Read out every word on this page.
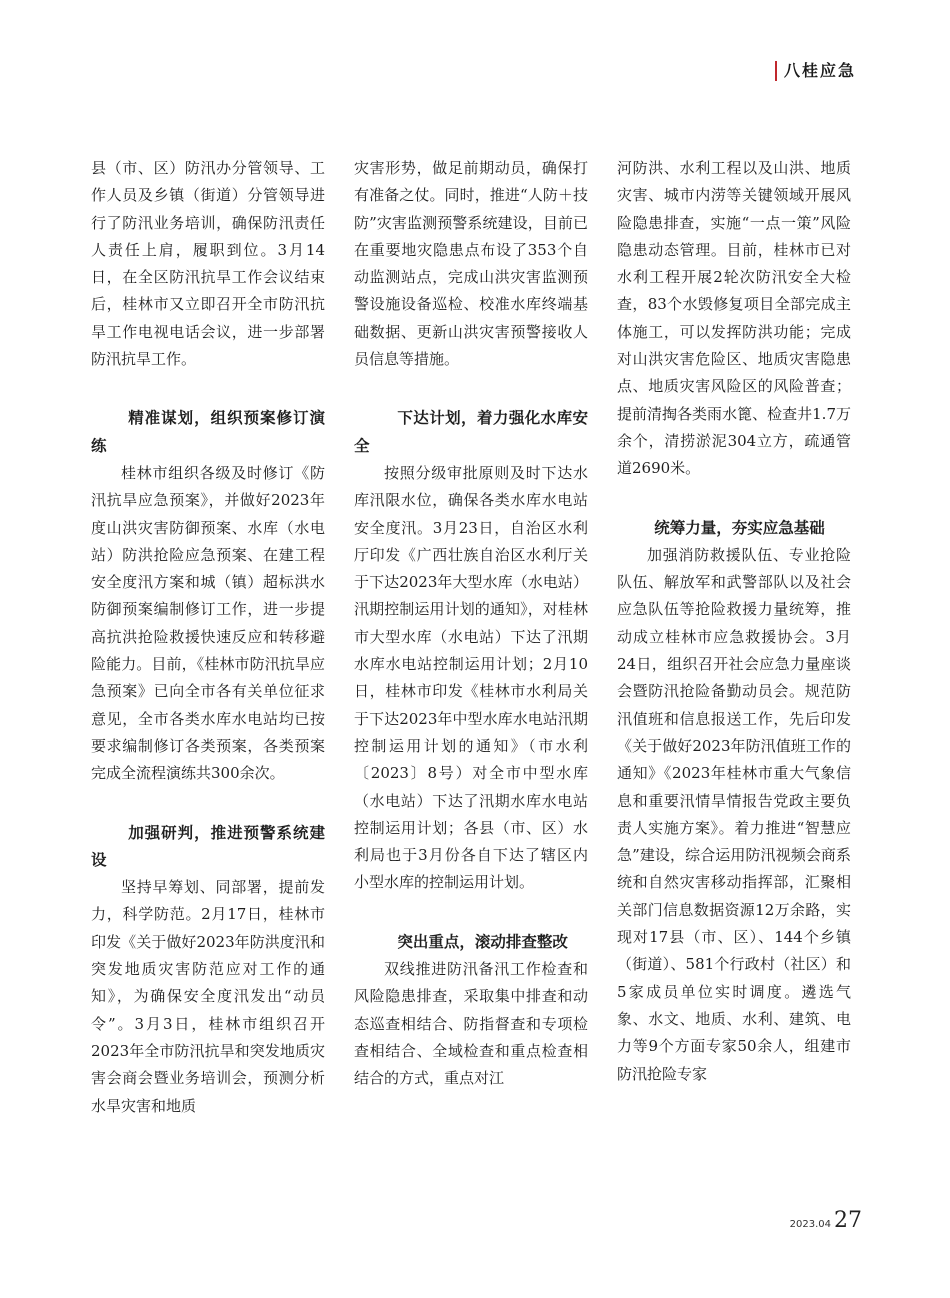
八桂应急

县（市、区）防汛办分管领导、工作人员及乡镇（街道）分管领导进行了防汛业务培训，确保防汛责任人责任上肩，履职到位。3月14日，在全区防汛抗旱工作会议结束后，桂林市又立即召开全市防汛抗旱工作电视电话会议，进一步部署防汛抗旱工作。

精准谋划，组织预案修订演练

桂林市组织各级及时修订《防汛抗旱应急预案》，并做好2023年度山洪灾害防御预案、水库（水电站）防洪抢险应急预案、在建工程安全度汛方案和城（镇）超标洪水防御预案编制修订工作，进一步提高抗洪抢险救援快速反应和转移避险能力。目前，《桂林市防汛抗旱应急预案》已向全市各有关单位征求意见，全市各类水库水电站均已按要求编制修订各类预案，各类预案完成全流程演练共300余次。

加强研判，推进预警系统建设

坚持早筹划、同部署，提前发力，科学防范。2月17日，桂林市印发《关于做好2023年防洪度汛和突发地质灾害防范应对工作的通知》，为确保安全度汛发出“动员令”。3月3日，桂林市组织召开2023年全市防汛抗旱和突发地质灾害会商会暨业务培训会，预测分析水旱灾害和地质

灾害形势，做足前期动员，确保打有准备之仗。同时，推进“人防＋技防”灾害监测预警系统建设，目前已在重要地灾隐患点布设了353个自动监测站点，完成山洪灾害监测预警设施设备巡检、校准水库终端基础数据、更新山洪灾害预警接收人员信息等措施。

下达计划，着力强化水库安全

按照分级审批原则及时下达水库汛限水位，确保各类水库水电站安全度汛。3月23日，自治区水利厅印发《广西壮族自治区水利厅关于下达2023年大型水库（水电站）汛期控制运用计划的通知》，对桂林市大型水库（水电站）下达了汛期水库水电站控制运用计划；2月10日，桂林市印发《桂林市水利局关于下达2023年中型水库水电站汛期控制运用计划的通知》（市水利〔2023〕8号）对全市中型水库（水电站）下达了汛期水库水电站控制运用计划；各县（市、区）水利局也于3月份各自下达了辖区内小型水库的控制运用计划。

突出重点，滚动排查整改

双线推进防汛备汛工作检查和风险隐患排查，采取集中排查和动态巡查相结合、防指督查和专项检查相结合、全域检查和重点检查相结合的方式，重点对江

河防洪、水利工程以及山洪、地质灾害、城市内涝等关键领域开展风险隐患排查，实施“一点一策”风险隐患动态管理。目前，桂林市已对水利工程开展2轮次防汛安全大检查，83个水毁修复项目全部完成主体施工，可以发挥防洪功能；完成对山洪灾害危险区、地质灾害隐患点、地质灾害风险区的风险普查；提前清掏各类雨水篦、检查井1.7万余个，清捞淤泥304立方，疏通管道2690米。

统筹力量，夯实应急基础

加强消防救援队伍、专业抢险队伍、解放军和武警部队以及社会应急队伍等抢险救援力量统筹，推动成立桂林市应急救援协会。3月24日，组织召开社会应急力量座谈会暨防汛抢险备勤动员会。规范防汛值班和信息报送工作，先后印发《关于做好2023年防汛值班工作的通知》《2023年桂林市重大气象信息和重要汛情旱情报告党政主要负责人实施方案》。着力推进“智慧应急”建设，综合运用防汛视频会商系统和自然灾害移动指挥部，汇聚相关部门信息数据资源12万余路，实现对17县（市、区）、144个乡镇（街道）、581个行政村（社区）和5家成员单位实时调度。遴选气象、水文、地质、水利、建筑、电力等9个方面专家50余人，组建市防汛抢险专家

2023.04 27
